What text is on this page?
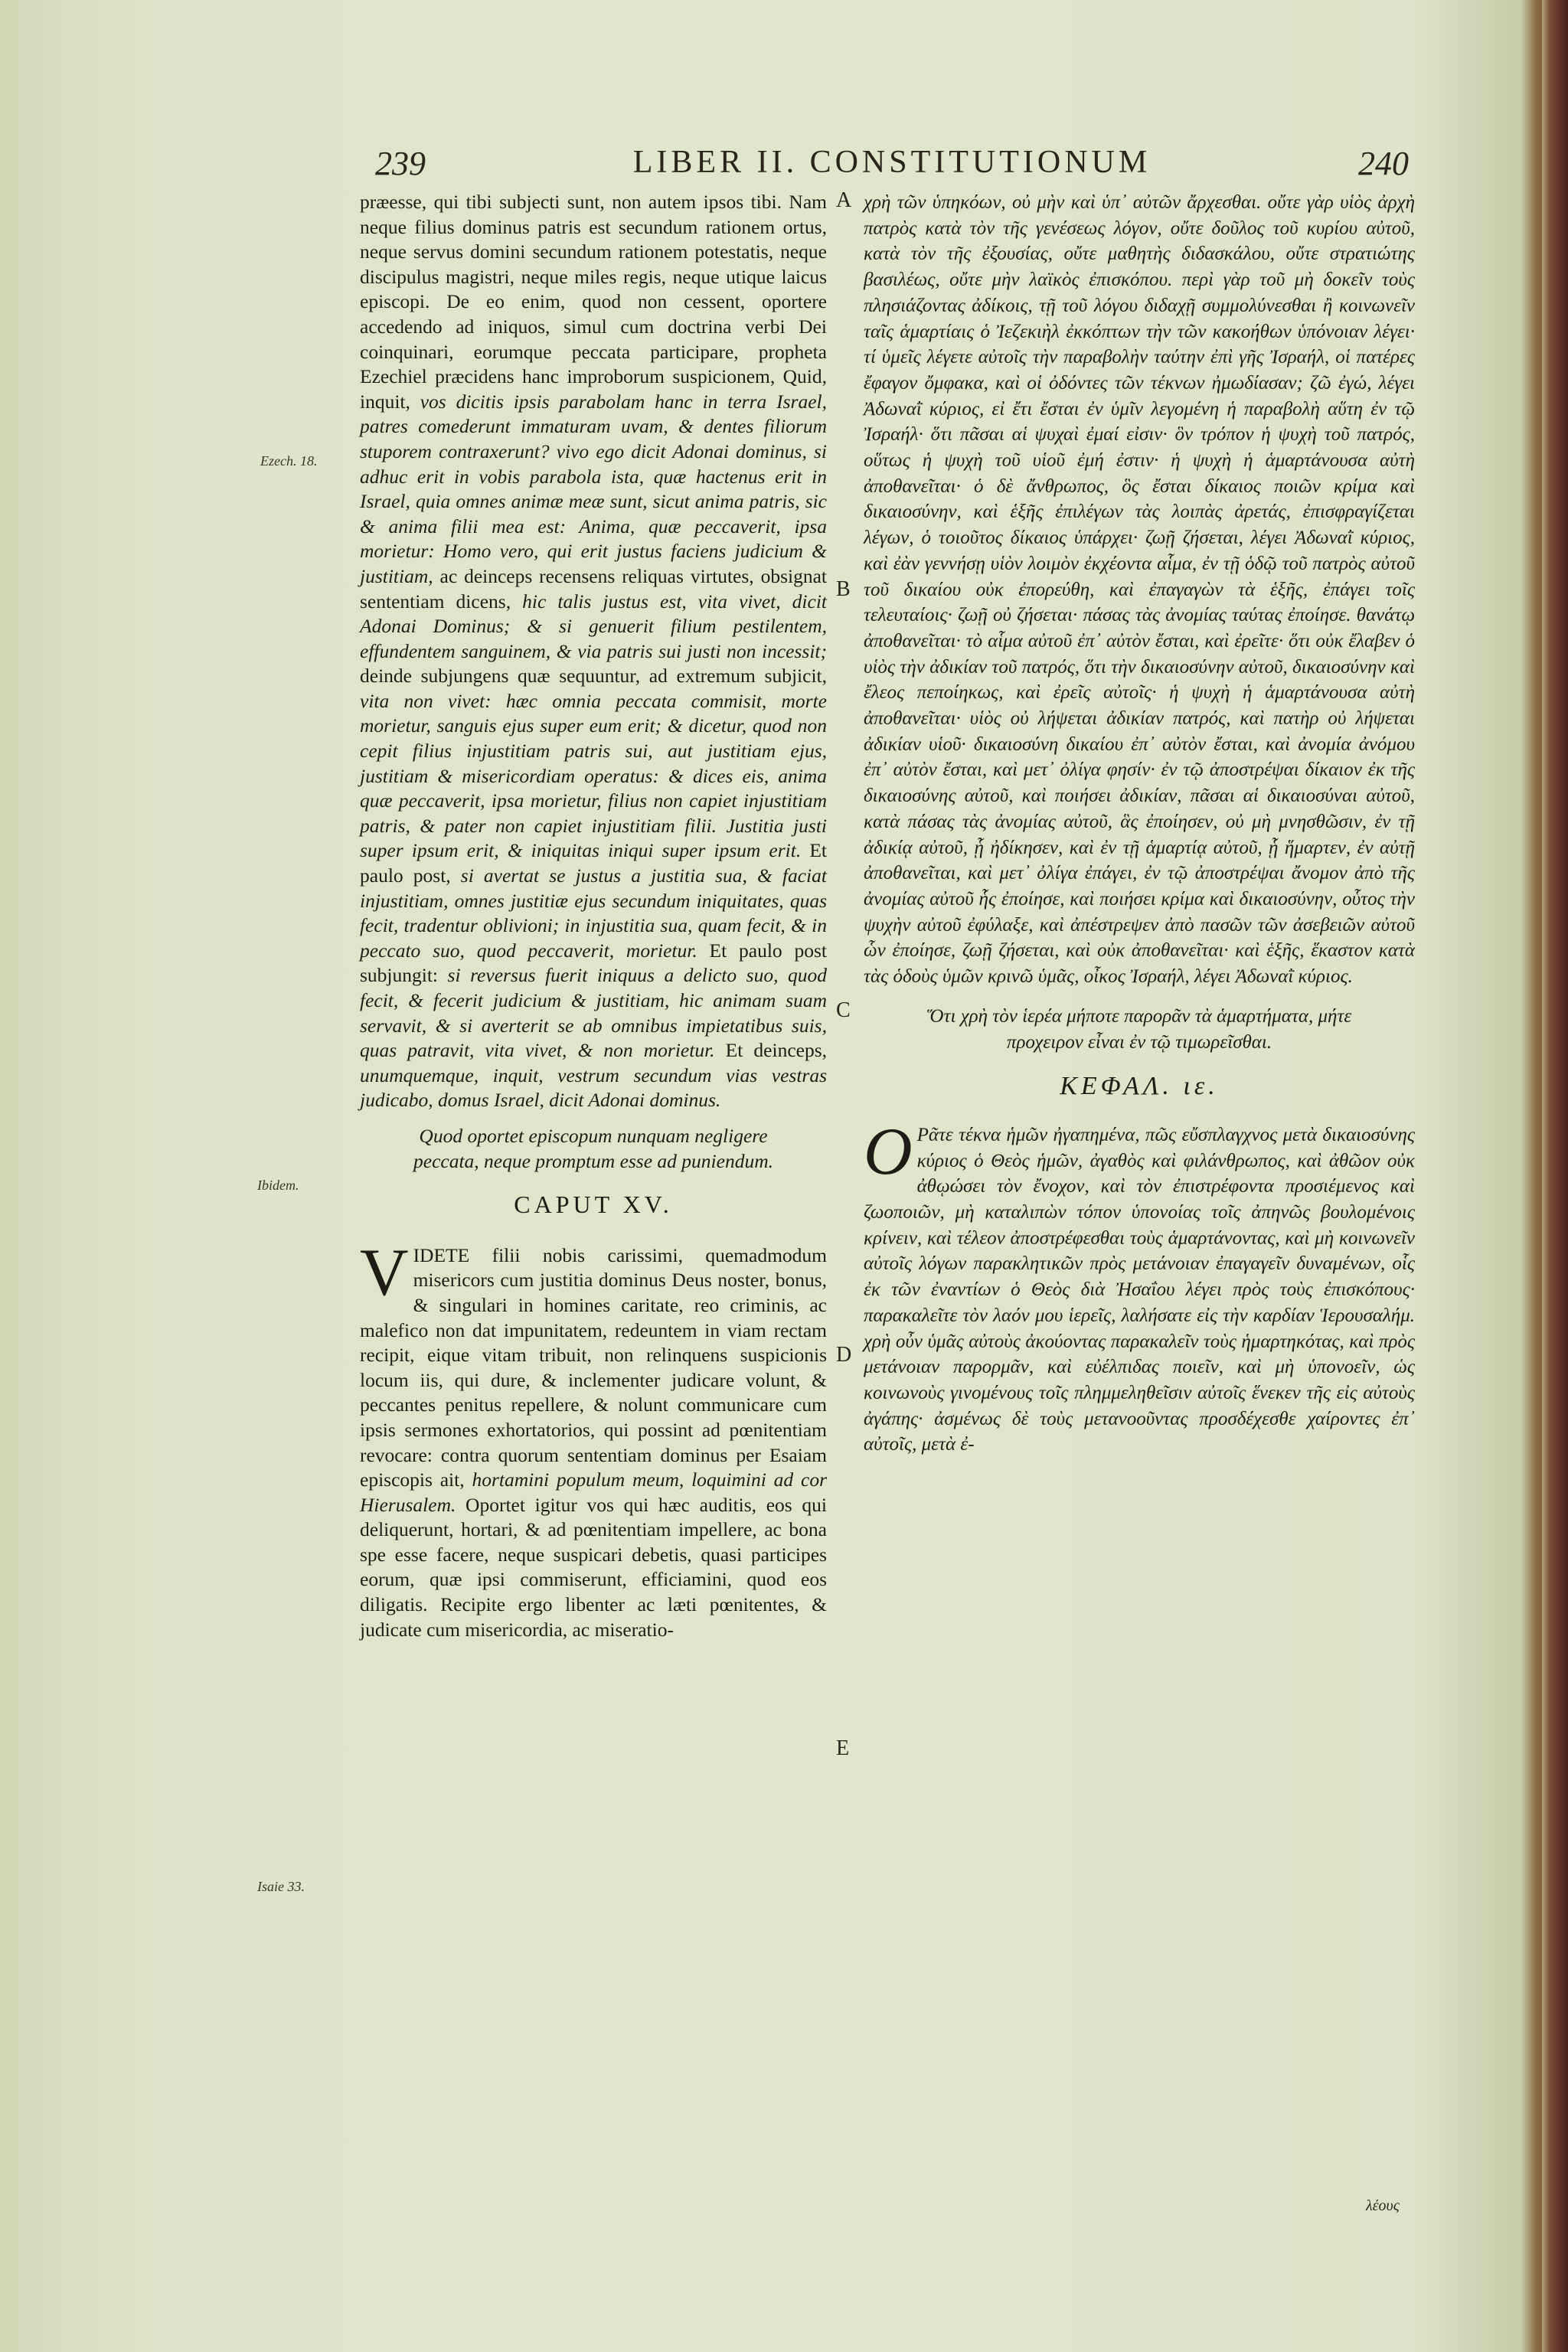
239	LIBER II. CONSTITUTIONUM	240
Ezech. 18.
Ibidem.
Isaie 33.
A
B
C
D
E

præesse, qui tibi subjecti sunt, non autem ipsos tibi. Nam neque filius dominus patris est secundum rationem ortus, neque servus domini secundum rationem potestatis, neque discipulus magistri, neque miles regis, neque utique laicus episcopi. De eo enim, quod non cessent, oportere accedendo ad iniquos, simul cum doctrina verbi Dei coinquinari, eorumque peccata participare, propheta Ezechiel præcidens hanc improborum suspicionem, Quid, inquit, vos dicitis ipsis parabolam hanc in terra Israel, patres comederunt immaturam uvam, & dentes filiorum stuporem contraxerunt? vivo ego dicit Adonai dominus, si adhuc erit in vobis parabola ista, quæ hactenus erit in Israel, quia omnes animæ meæ sunt, sicut anima patris, sic & anima filii mea est: Anima, quæ peccaverit, ipsa morietur: Homo vero, qui erit justus faciens judicium & justitiam, ac deinceps recensens reliquas virtutes, obsignat sententiam dicens, hic talis justus est, vita vivet, dicit Adonai Dominus; & si genuerit filium pestilentem, effundentem sanguinem, & via patris sui justi non incessit; deinde subjungens quæ sequuntur, ad extremum subjicit, vita non vivet: hæc omnia peccata commisit, morte morietur, sanguis ejus super eum erit; & dicetur, quod non cepit filius injustitiam patris sui, aut justitiam ejus, justitiam & misericordiam operatus: & dices eis, anima quæ peccaverit, ipsa morietur, filius non capiet injustitiam patris, & pater non capiet injustitiam filii. Justitia justi super ipsum erit, & iniquitas iniqui super ipsum erit. Et paulo post, si avertat se justus a justitia sua, & faciat injustitiam, omnes justitiæ ejus secundum iniquitates, quas fecit, tradentur oblivioni; in injustitia sua, quam fecit, & in peccato suo, quod peccaverit, morietur. Et paulo post subjungit: si reversus fuerit iniquus a delicto suo, quod fecit, & fecerit judicium & justitiam, hic animam suam servavit, & si averterit se ab omnibus impietatibus suis, quas patravit, vita vivet, & non morietur. Et deinceps, unumquemque, inquit, vestrum secundum vias vestras judicabo, domus Israel, dicit Adonai dominus.

Quod oportet episcopum nunquam negligere peccata, neque promptum esse ad puniendum.

CAPUT XV.

VIDETE filii nobis carissimi, quemadmodum misericors cum justitia dominus Deus noster, bonus, & singulari in homines caritate, reo criminis, ac malefico non dat impunitatem, redeuntem in viam rectam recipit, eique vitam tribuit, non relinquens suspicionis locum iis, qui dure, & inclementer judicare volunt, & peccantes penitus repellere, & nolunt communicare cum ipsis sermones exhortatorios, qui possint ad pœnitentiam revocare: contra quorum sententiam dominus per Esaiam episcopis ait, hortamini populum meum, loquimini ad cor Hierusalem. Oportet igitur vos qui hæc auditis, eos qui deliquerunt, hortari, & ad pœnitentiam impellere, ac bona spe esse facere, neque suspicari debetis, quasi participes eorum, quæ ipsi commiserunt, efficiamini, quod eos diligatis. Recipite ergo libenter ac læti pœnitentes, & judicate cum misericordia, ac miseratio-

χρὴ τῶν ὑπηκόων, οὐ μὴν καὶ ὑπ᾽ αὐτῶν ἄρχεσθαι. οὔτε γὰρ υἱὸς ἀρχὴ πατρὸς κατὰ τὸν τῆς γενέσεως λόγον, οὔτε δοῦλος τοῦ κυρίου αὐτοῦ, κατὰ τὸν τῆς ἐξουσίας, οὔτε μαθητὴς διδασκάλου, οὔτε στρατιώτης βασιλέως, οὔτε μὴν λαϊκὸς ἐπισκόπου. περὶ γὰρ τοῦ μὴ δοκεῖν τοὺς πλησιάζοντας ἀδίκοις, τῇ τοῦ λόγου διδαχῇ συμμολύνεσθαι ἢ κοινωνεῖν ταῖς ἁμαρτίαις ὁ Ἰεζεκιὴλ ἐκκόπτων τὴν τῶν κακοήθων ὑπόνοιαν λέγει· τί ὑμεῖς λέγετε αὐτοῖς τὴν παραβολὴν ταύτην ἐπὶ γῆς Ἰσραήλ, οἱ πατέρες ἔφαγον ὄμφακα, καὶ οἱ ὀδόντες τῶν τέκνων ἠμωδίασαν; ζῶ ἐγώ, λέγει Ἀδωναῒ κύριος, εἰ ἔτι ἔσται ἐν ὑμῖν λεγομένη ἡ παραβολὴ αὕτη ἐν τῷ Ἰσραήλ· ὅτι πᾶσαι αἱ ψυχαὶ ἐμαί εἰσιν· ὃν τρόπον ἡ ψυχὴ τοῦ πατρός, οὕτως ἡ ψυχὴ τοῦ υἱοῦ ἐμή ἐστιν· ἡ ψυχὴ ἡ ἁμαρτάνουσα αὐτὴ ἀποθανεῖται· ὁ δὲ ἄνθρωπος, ὃς ἔσται δίκαιος ποιῶν κρίμα καὶ δικαιοσύνην, καὶ ἑξῆς ἐπιλέγων τὰς λοιπὰς ἀρετάς, ἐπισφραγίζεται λέγων, ὁ τοιοῦτος δίκαιος ὑπάρχει· ζωῇ ζήσεται, λέγει Ἀδωναῒ κύριος, καὶ ἐὰν γεννήσῃ υἱὸν λοιμὸν ἐκχέοντα αἷμα, ἐν τῇ ὁδῷ τοῦ πατρὸς αὐτοῦ τοῦ δικαίου οὐκ ἐπορεύθη, καὶ ἐπαγαγὼν τὰ ἑξῆς, ἐπάγει τοῖς τελευταίοις· ζωῇ οὐ ζήσεται· πάσας τὰς ἀνομίας ταύτας ἐποίησε. θανάτῳ ἀποθανεῖται· τὸ αἷμα αὐτοῦ ἐπ᾽ αὐτὸν ἔσται, καὶ ἐρεῖτε· ὅτι οὐκ ἔλαβεν ὁ υἱὸς τὴν ἀδικίαν τοῦ πατρός, ὅτι τὴν δικαιοσύνην αὐτοῦ, δικαιοσύνην καὶ ἔλεος πεποίηκως, καὶ ἐρεῖς αὐτοῖς· ἡ ψυχὴ ἡ ἁμαρτάνουσα αὐτὴ ἀποθανεῖται· υἱὸς οὐ λήψεται ἀδικίαν πατρός, καὶ πατὴρ οὐ λήψεται ἀδικίαν υἱοῦ· δικαιοσύνη δικαίου ἐπ᾽ αὐτὸν ἔσται, καὶ ἀνομία ἀνόμου ἐπ᾽ αὐτὸν ἔσται, καὶ μετ᾽ ὀλίγα φησίν· ἐν τῷ ἀποστρέψαι δίκαιον ἐκ τῆς δικαιοσύνης αὐτοῦ, καὶ ποιήσει ἀδικίαν, πᾶσαι αἱ δικαιοσύναι αὐτοῦ, κατὰ πάσας τὰς ἀνομίας αὐτοῦ, ἃς ἐποίησεν, οὐ μὴ μνησθῶσιν, ἐν τῇ ἀδικίᾳ αὐτοῦ, ᾗ ἠδίκησεν, καὶ ἐν τῇ ἁμαρτίᾳ αὐτοῦ, ᾗ ἥμαρτεν, ἐν αὐτῇ ἀποθανεῖται, καὶ μετ᾽ ὀλίγα ἐπάγει, ἐν τῷ ἀποστρέψαι ἄνομον ἀπὸ τῆς ἀνομίας αὐτοῦ ἧς ἐποίησε, καὶ ποιήσει κρίμα καὶ δικαιοσύνην, οὗτος τὴν ψυχὴν αὐτοῦ ἐφύλαξε, καὶ ἀπέστρεψεν ἀπὸ πασῶν τῶν ἀσεβειῶν αὐτοῦ ὧν ἐποίησε, ζωῇ ζήσεται, καὶ οὐκ ἀποθανεῖται· καὶ ἑξῆς, ἕκαστον κατὰ τὰς ὁδοὺς ὑμῶν κρινῶ ὑμᾶς, οἶκος Ἰσραήλ, λέγει Ἀδωναῒ κύριος.

Ὅτι χρὴ τὸν ἱερέα μήποτε παρορᾶν τὰ ἁμαρτήματα, μήτε προχειρον εἶναι ἐν τῷ τιμωρεῖσθαι.

ΚΕΦΑΛ. ιε.

Ο Ρᾶτε τέκνα ἡμῶν ἠγαπημένα, πῶς εὔσπλαγχνος μετὰ δικαιοσύνης κύριος ὁ Θεὸς ἡμῶν, ἀγαθὸς καὶ φιλάνθρωπος, καὶ ἀθῶον οὐκ ἀθῳώσει τὸν ἔνοχον, καὶ τὸν ἐπιστρέφοντα προσιέμενος καὶ ζωοποιῶν, μὴ καταλιπὼν τόπον ὑπονοίας τοῖς ἀπηνῶς βουλομένοις κρίνειν, καὶ τέλεον ἀποστρέφεσθαι τοὺς ἁμαρτάνοντας, καὶ μὴ κοινωνεῖν αὐτοῖς λόγων παρακλητικῶν πρὸς μετάνοιαν ἐπαγαγεῖν δυναμένων, οἷς ἐκ τῶν ἐναντίων ὁ Θεὸς διὰ Ἠσαΐου λέγει πρὸς τοὺς ἐπισκόπους· παρακαλεῖτε τὸν λαόν μου ἱερεῖς, λαλήσατε εἰς τὴν καρδίαν Ἱερουσαλήμ. χρὴ οὖν ὑμᾶς αὐτοὺς ἀκούοντας παρακαλεῖν τοὺς ἡμαρτηκότας, καὶ πρὸς μετάνοιαν παρορμᾶν, καὶ εὐέλπιδας ποιεῖν, καὶ μὴ ὑπονοεῖν, ὡς κοινωνοὺς γινομένους τοῖς πλημμεληθεῖσιν αὐτοῖς ἕνεκεν τῆς εἰς αὐτοὺς ἀγάπης· ἀσμένως δὲ τοὺς μετανοοῦντας προσδέχεσθε χαίροντες ἐπ᾽ αὐτοῖς, μετὰ ἐ-

λέους
